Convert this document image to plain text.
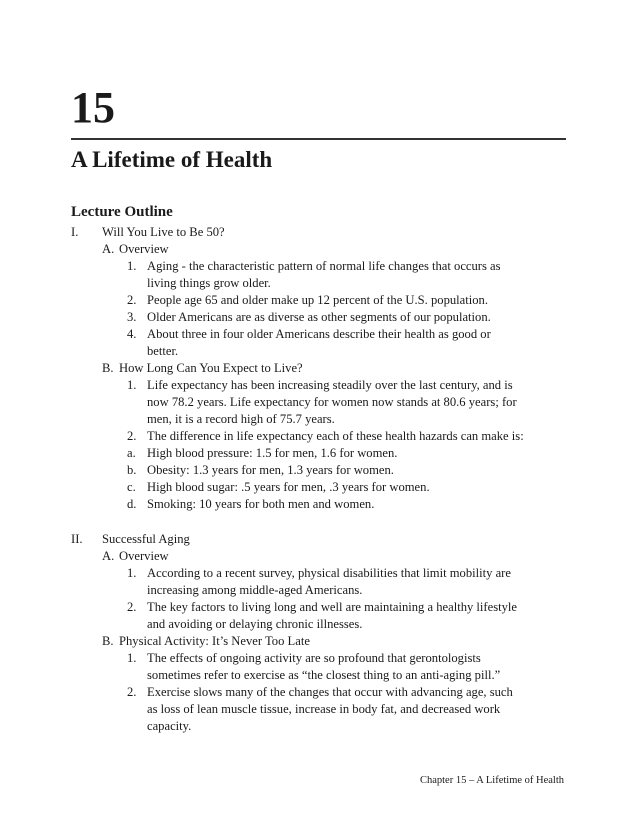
15
A Lifetime of Health
Lecture Outline
I.	Will You Live to Be 50?
A. Overview
1. Aging - the characteristic pattern of normal life changes that occurs as
living things grow older.
2. People age 65 and older make up 12 percent of the U.S. population.
3. Older Americans are as diverse as other segments of our population.
4. About three in four older Americans describe their health as good or
better.
B. How Long Can You Expect to Live?
1. Life expectancy has been increasing steadily over the last century, and is
now 78.2 years. Life expectancy for women now stands at 80.6 years; for
men, it is a record high of 75.7 years.
2. The difference in life expectancy each of these health hazards can make is:
a. High blood pressure: 1.5 for men, 1.6 for women.
b. Obesity: 1.3 years for men, 1.3 years for women.
c. High blood sugar: .5 years for men, .3 years for women.
d. Smoking: 10 years for both men and women.
II.	Successful Aging
A. Overview
1. According to a recent survey, physical disabilities that limit mobility are
increasing among middle-aged Americans.
2. The key factors to living long and well are maintaining a healthy lifestyle
and avoiding or delaying chronic illnesses.
B. Physical Activity: It’s Never Too Late
1. The effects of ongoing activity are so profound that gerontologists
sometimes refer to exercise as “the closest thing to an anti-aging pill.”
2. Exercise slows many of the changes that occur with advancing age, such
as loss of lean muscle tissue, increase in body fat, and decreased work
capacity.

Chapter 15 – A Lifetime of Health
